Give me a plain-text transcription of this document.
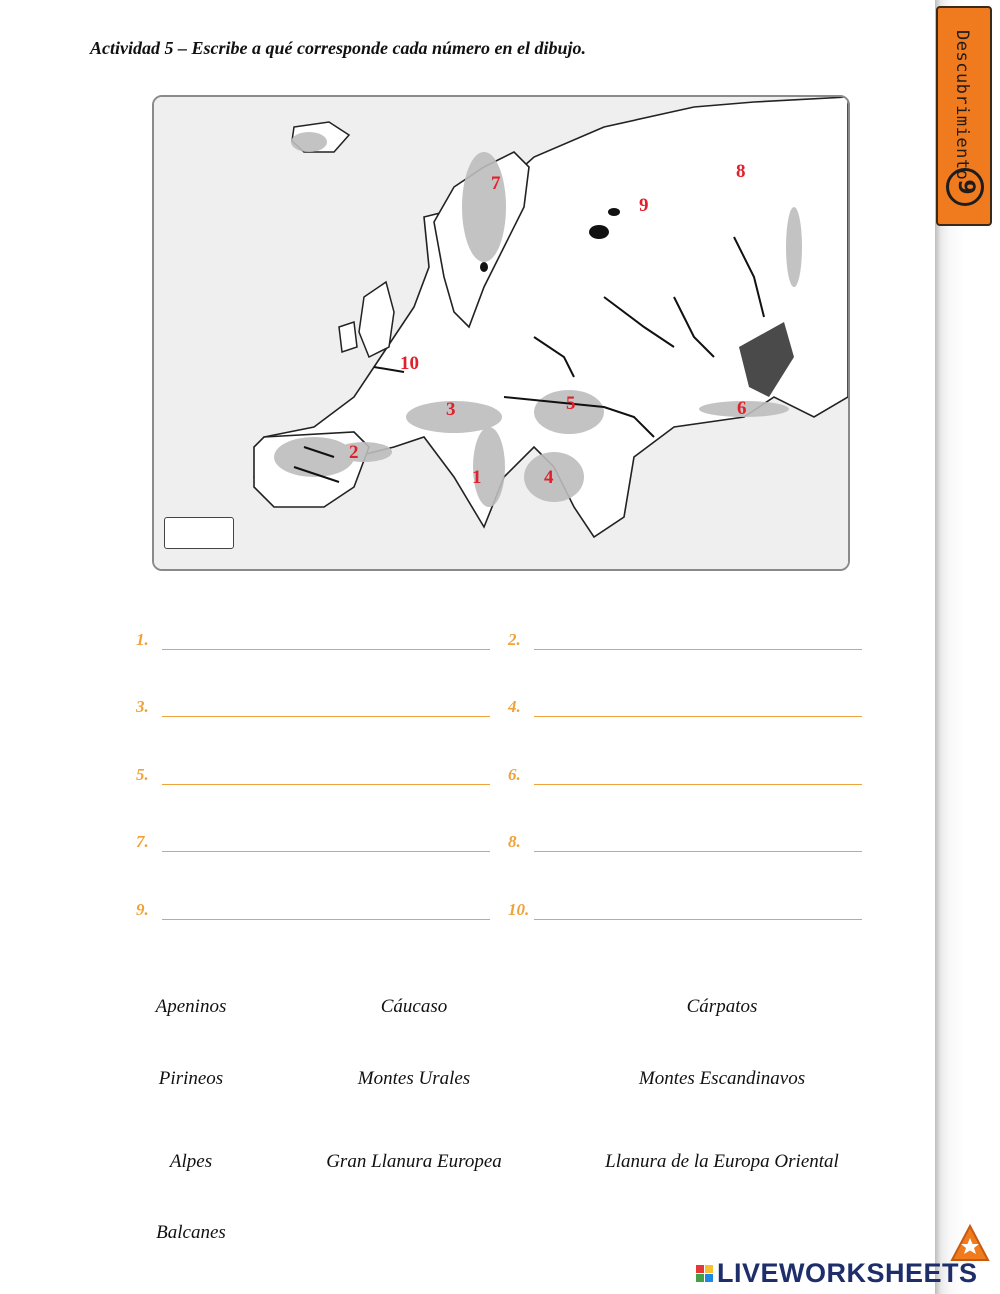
Actividad 5 – Escribe a qué corresponde cada número en el dibujo.
1
2
3
4
5	6
7
8
9
10
Descubrimiento
9
1.	2.
3.	4.
5.	6.
7.	8.
9.	10.
Apeninos	Cáucaso	Cárpatos
Pirineos	Montes Urales	Montes Escandinavos
Alpes	Gran Llanura Europea	Llanura de la Europa Oriental
Balcanes
LIVEWORKSHEETS
